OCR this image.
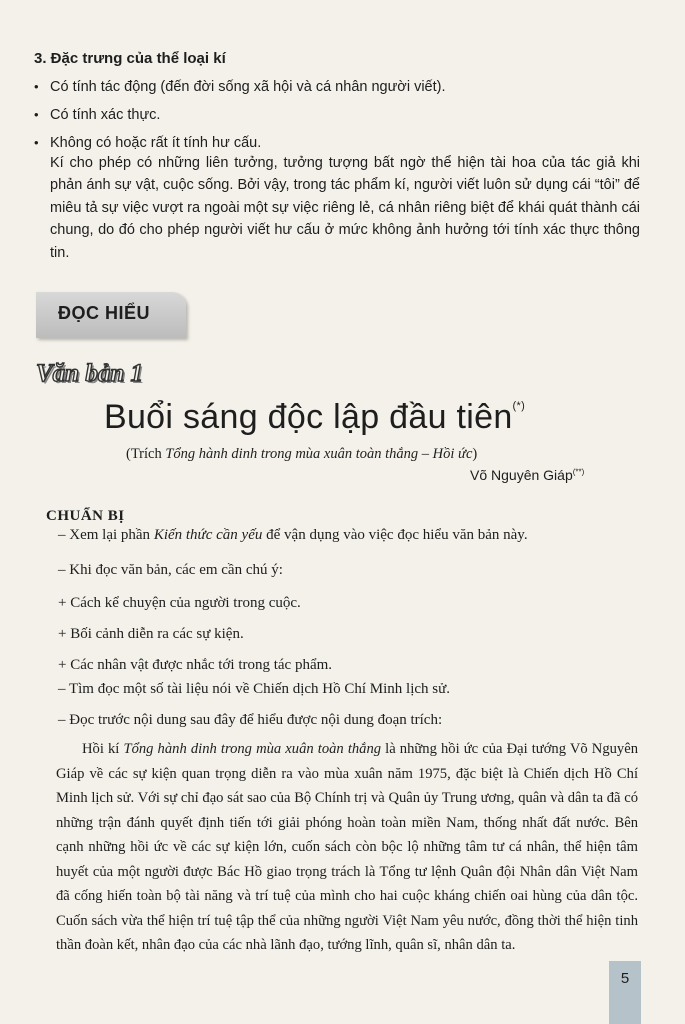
3. Đặc trưng của thể loại kí
• Có tính tác động (đến đời sống xã hội và cá nhân người viết).
• Có tính xác thực.
• Không có hoặc rất ít tính hư cấu.
Kí cho phép có những liên tưởng, tưởng tượng bất ngờ thể hiện tài hoa của tác giả khi phản ánh sự vật, cuộc sống. Bởi vậy, trong tác phẩm kí, người viết luôn sử dụng cái “tôi” để miêu tả sự việc vượt ra ngoài một sự việc riêng lẻ, cá nhân riêng biệt để khái quát thành cái chung, do đó cho phép người viết hư cấu ở mức không ảnh hưởng tới tính xác thực thông tin.
ĐỌC HIỂU
Văn bản 1
Buổi sáng độc lập đầu tiên(*)
(Trích Tổng hành dinh trong mùa xuân toàn thắng – Hồi ức)
Võ Nguyên Giáp(**)
CHUẨN BỊ
– Xem lại phần Kiến thức cần yếu để vận dụng vào việc đọc hiểu văn bản này.
– Khi đọc văn bản, các em cần chú ý:
+ Cách kể chuyện của người trong cuộc.
+ Bối cảnh diễn ra các sự kiện.
+ Các nhân vật được nhắc tới trong tác phẩm.
– Tìm đọc một số tài liệu nói về Chiến dịch Hồ Chí Minh lịch sử.
– Đọc trước nội dung sau đây để hiểu được nội dung đoạn trích:
Hồi kí Tổng hành dinh trong mùa xuân toàn thắng là những hồi ức của Đại tướng Võ Nguyên Giáp về các sự kiện quan trọng diễn ra vào mùa xuân năm 1975, đặc biệt là Chiến dịch Hồ Chí Minh lịch sử. Với sự chỉ đạo sát sao của Bộ Chính trị và Quân ủy Trung ương, quân và dân ta đã có những trận đánh quyết định tiến tới giải phóng hoàn toàn miền Nam, thống nhất đất nước. Bên cạnh những hồi ức về các sự kiện lớn, cuốn sách còn bộc lộ những tâm tư cá nhân, thể hiện tâm huyết của một người được Bác Hồ giao trọng trách là Tổng tư lệnh Quân đội Nhân dân Việt Nam đã cống hiến toàn bộ tài năng và trí tuệ của mình cho hai cuộc kháng chiến oai hùng của dân tộc. Cuốn sách vừa thể hiện trí tuệ tập thể của những người Việt Nam yêu nước, đồng thời thể hiện tinh thần đoàn kết, nhân đạo của các nhà lãnh đạo, tướng lĩnh, quân sĩ, nhân dân ta.
5
